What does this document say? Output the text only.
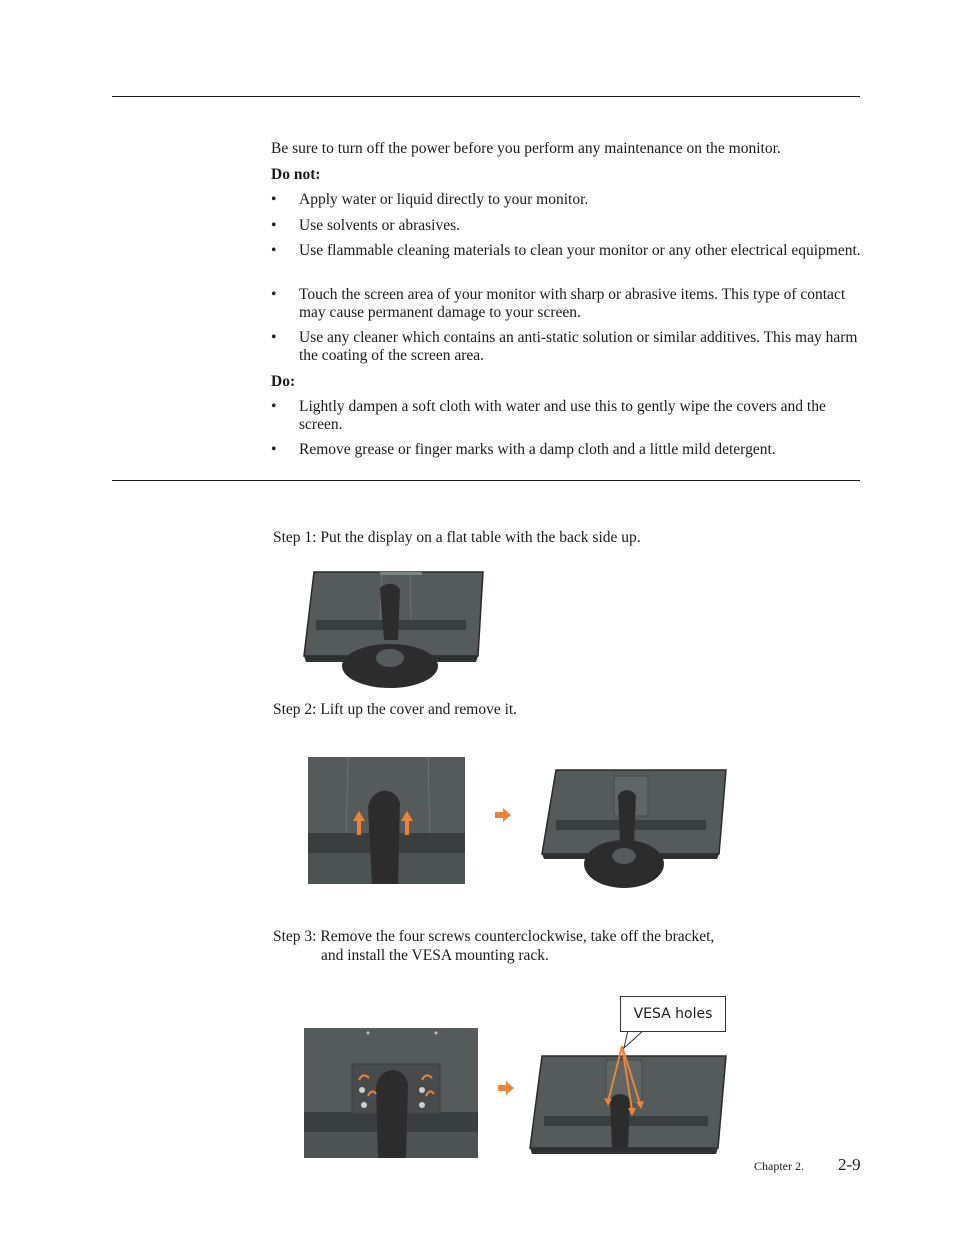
Be sure to turn off the power before you perform any maintenance on the monitor.
Do not:
• Apply water or liquid directly to your monitor.
• Use solvents or abrasives.
• Use flammable cleaning materials to clean your monitor or any other electrical equipment.
• Touch the screen area of your monitor with sharp or abrasive items. This type of contact may cause permanent damage to your screen.
• Use any cleaner which contains an anti-static solution or similar additives. This may harm the coating of the screen area.
Do:
• Lightly dampen a soft cloth with water and use this to gently wipe the covers and the screen.
• Remove grease or finger marks with a damp cloth and a little mild detergent.
Step 1: Put the display on a flat table with the back side up.
Step 2: Lift up the cover and remove it.
Step 3: Remove the four screws counterclockwise, take off the bracket,
and install the VESA mounting rack.
VESA holes
Chapter 2. 2-9
